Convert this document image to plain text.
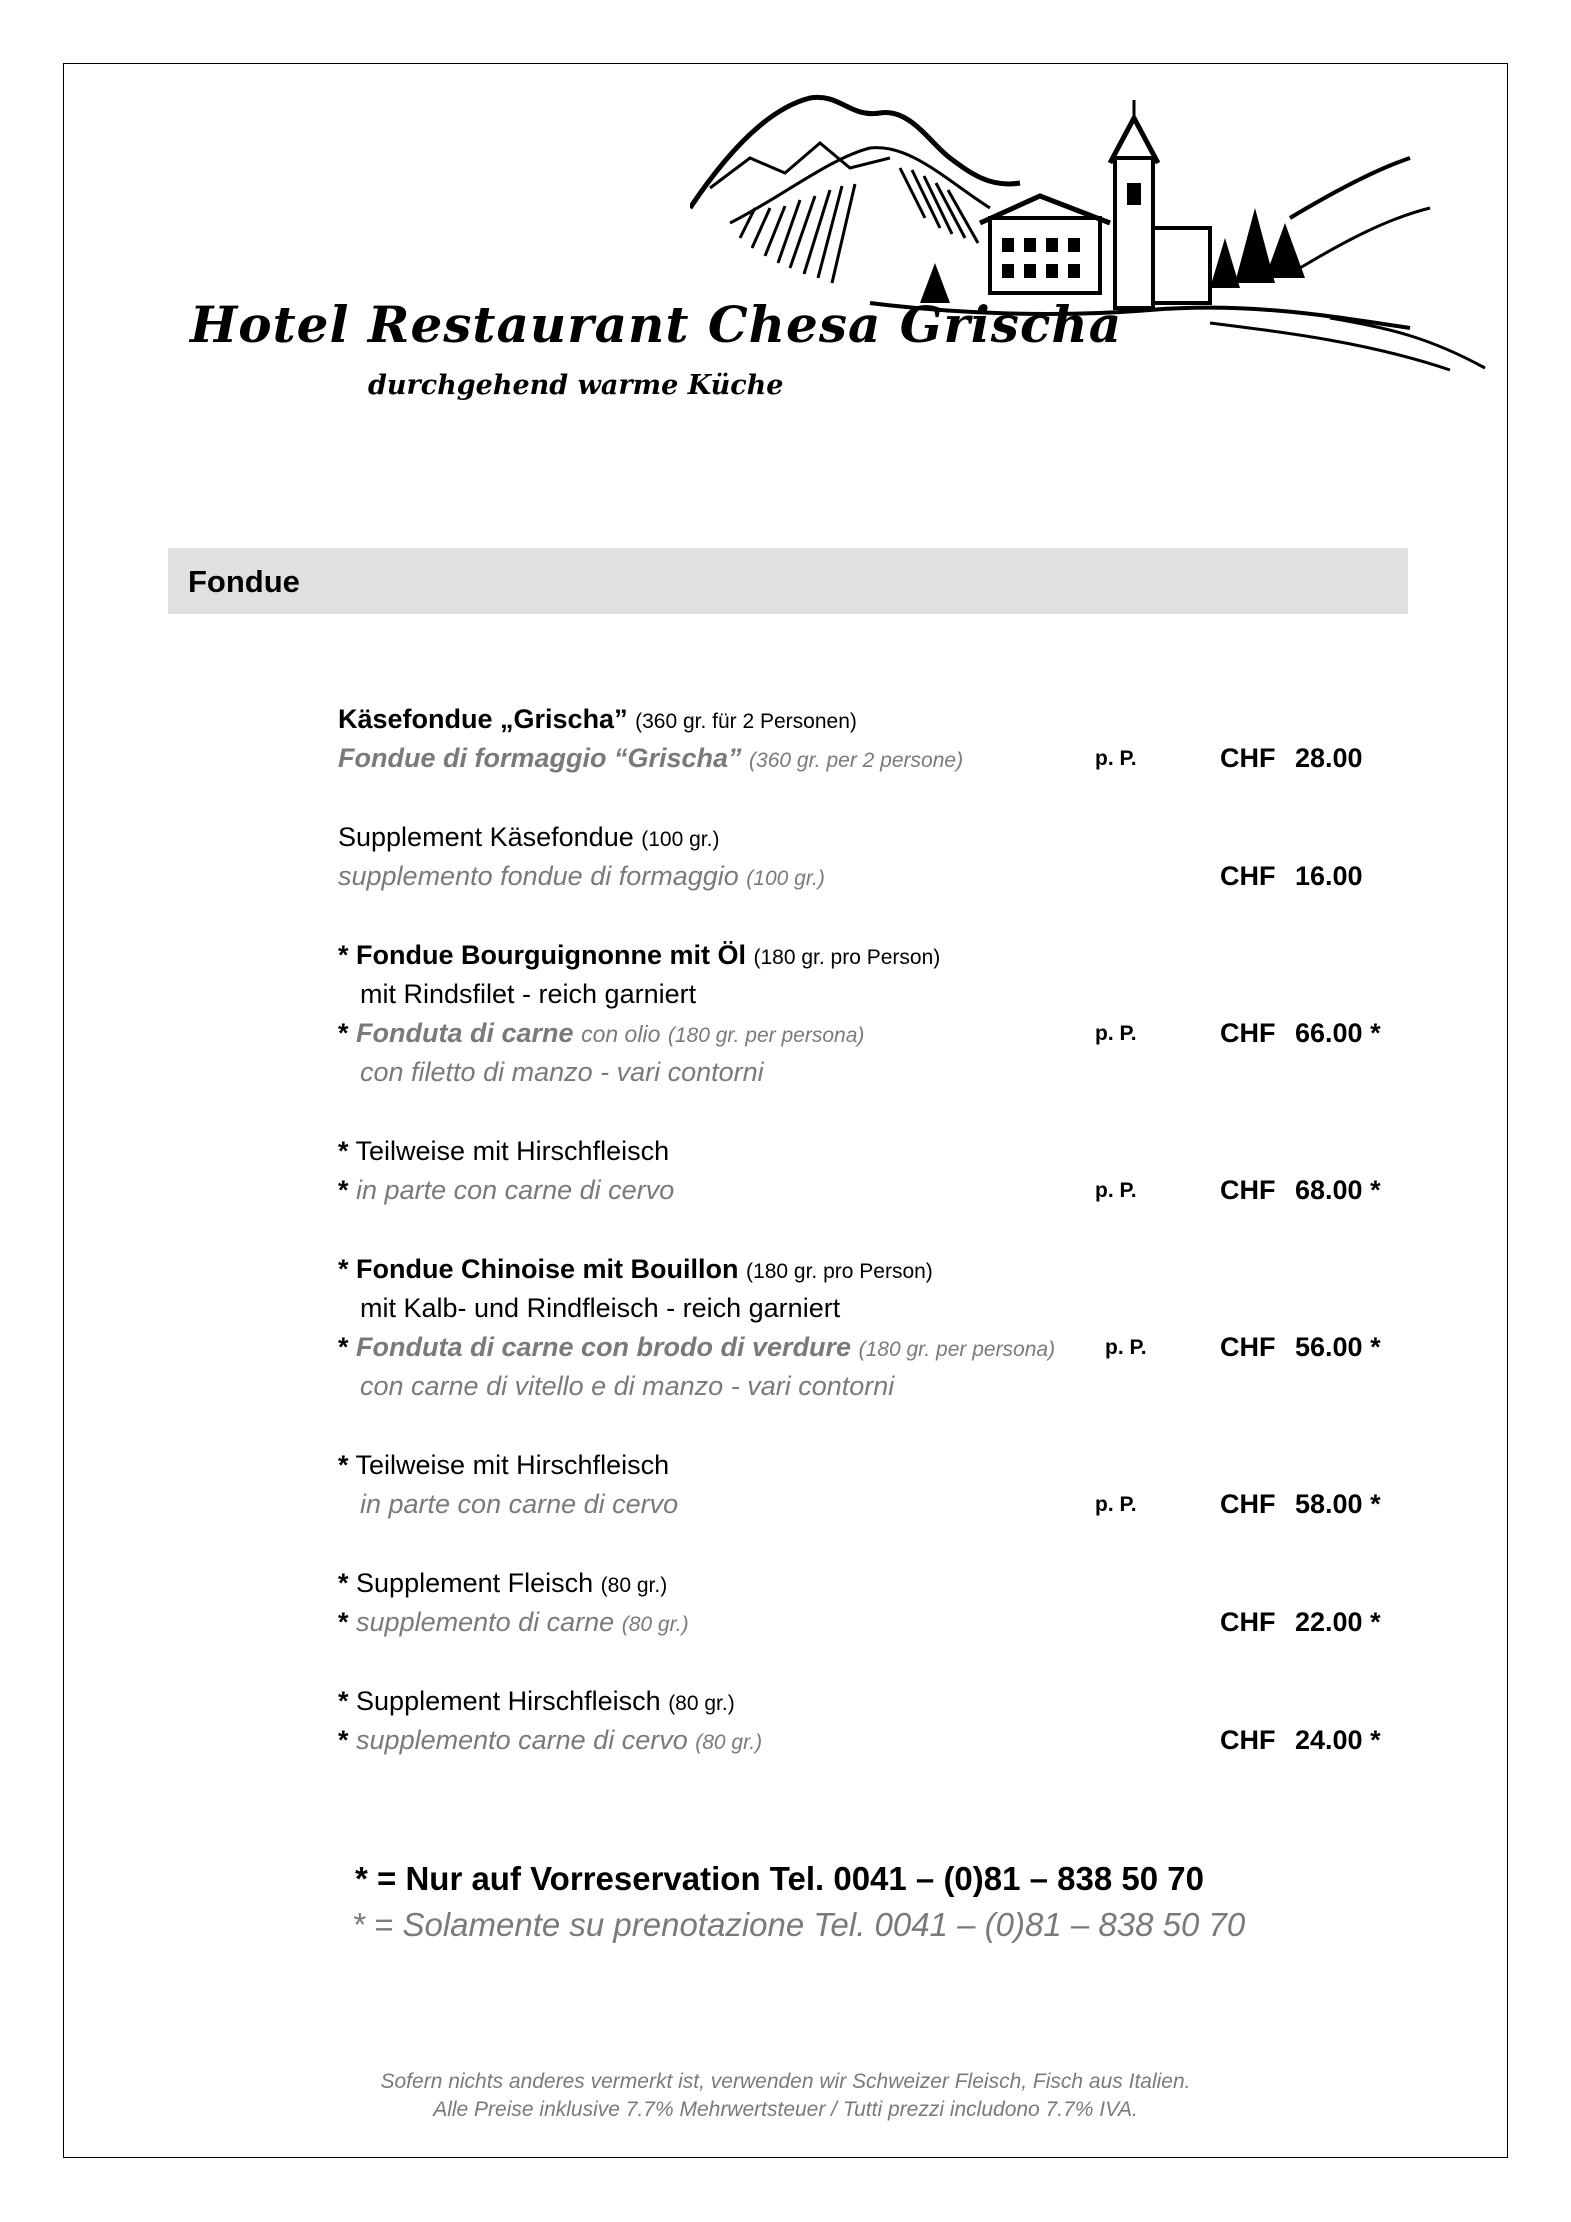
Hotel Restaurant Chesa Grischa
durchgehend warme Küche
Fondue
Käsefondue „Grischa” (360 gr. für 2 Personen)
Fondue di formaggio “Grischa” (360 gr. per 2 persone)	p. P.	CHF 28.00
Supplement Käsefondue (100 gr.)
supplemento fondue di formaggio (100 gr.)	CHF 16.00
* Fondue Bourguignonne mit Öl (180 gr. pro Person)
mit Rindsfilet - reich garniert
* Fonduta di carne con olio (180 gr. per persona)	p. P.	CHF 66.00 *
con filetto di manzo - vari contorni
* Teilweise mit Hirschfleisch
* in parte con carne di cervo	p. P.	CHF 68.00 *
* Fondue Chinoise mit Bouillon (180 gr. pro Person)
mit Kalb- und Rindfleisch - reich garniert
* Fonduta di carne con brodo di verdure (180 gr. per persona) p. P.	CHF 56.00 *
con carne di vitello e di manzo - vari contorni
* Teilweise mit Hirschfleisch
in parte con carne di cervo	p. P.	CHF 58.00 *
* Supplement Fleisch (80 gr.)
* supplemento di carne (80 gr.)	CHF 22.00 *
* Supplement Hirschfleisch (80 gr.)
* supplemento carne di cervo (80 gr.)	CHF 24.00 *
* = Nur auf Vorreservation Tel. 0041 – (0)81 – 838 50 70
* = Solamente su prenotazione Tel. 0041 – (0)81 – 838 50 70
Sofern nichts anderes vermerkt ist, verwenden wir Schweizer Fleisch, Fisch aus Italien.
Alle Preise inklusive 7.7% Mehrwertsteuer / Tutti prezzi includono 7.7% IVA.
